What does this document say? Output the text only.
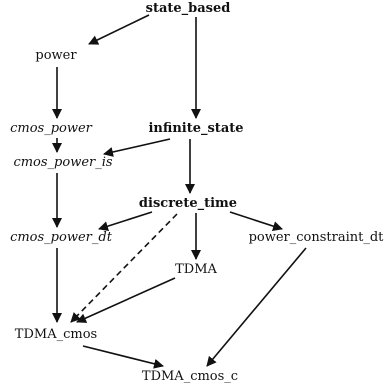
state_based
power
cmos_power	infinite_state
cmos_power_is
discrete_time
cmos_power_dt	power_constraint_dt
TDMA
TDMA_cmos
TDMA_cmos_c
